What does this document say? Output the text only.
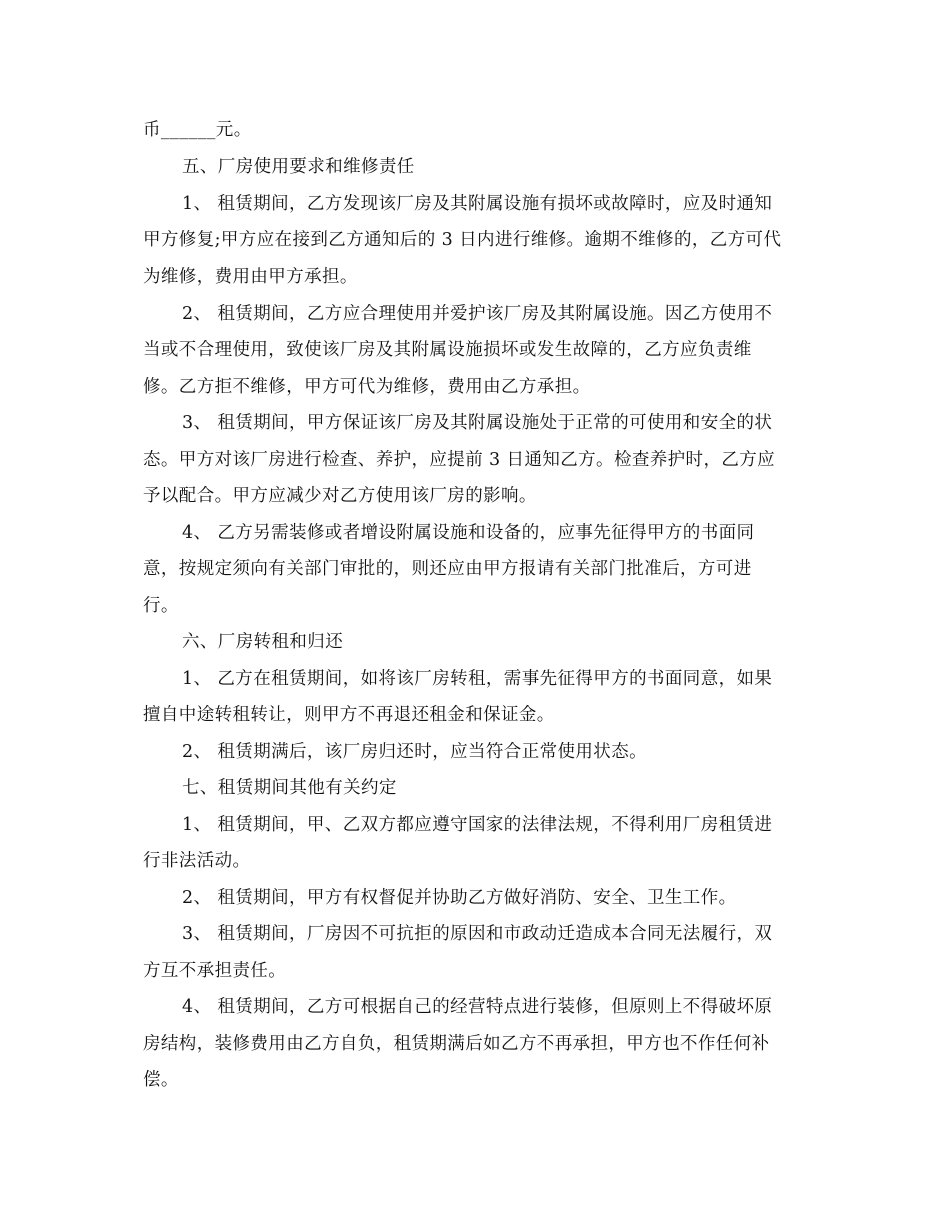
币______元。
五、厂房使用要求和维修责任
1、 租赁期间，乙方发现该厂房及其附属设施有损坏或故障时，应及时通知
甲方修复;甲方应在接到乙方通知后的 3 日内进行维修。逾期不维修的，乙方可代
为维修，费用由甲方承担。
2、 租赁期间，乙方应合理使用并爱护该厂房及其附属设施。因乙方使用不
当或不合理使用，致使该厂房及其附属设施损坏或发生故障的，乙方应负责维
修。乙方拒不维修，甲方可代为维修，费用由乙方承担。
3、 租赁期间，甲方保证该厂房及其附属设施处于正常的可使用和安全的状
态。甲方对该厂房进行检查、养护，应提前 3 日通知乙方。检查养护时，乙方应
予以配合。甲方应减少对乙方使用该厂房的影响。
4、 乙方另需装修或者增设附属设施和设备的，应事先征得甲方的书面同
意，按规定须向有关部门审批的，则还应由甲方报请有关部门批准后，方可进
行。
六、厂房转租和归还
1、 乙方在租赁期间，如将该厂房转租，需事先征得甲方的书面同意，如果
擅自中途转租转让，则甲方不再退还租金和保证金。
2、 租赁期满后，该厂房归还时，应当符合正常使用状态。
七、租赁期间其他有关约定
1、 租赁期间，甲、乙双方都应遵守国家的法律法规，不得利用厂房租赁进
行非法活动。
2、 租赁期间，甲方有权督促并协助乙方做好消防、安全、卫生工作。
3、 租赁期间，厂房因不可抗拒的原因和市政动迁造成本合同无法履行，双
方互不承担责任。
4、 租赁期间，乙方可根据自己的经营特点进行装修，但原则上不得破坏原
房结构，装修费用由乙方自负，租赁期满后如乙方不再承担，甲方也不作任何补
偿。
